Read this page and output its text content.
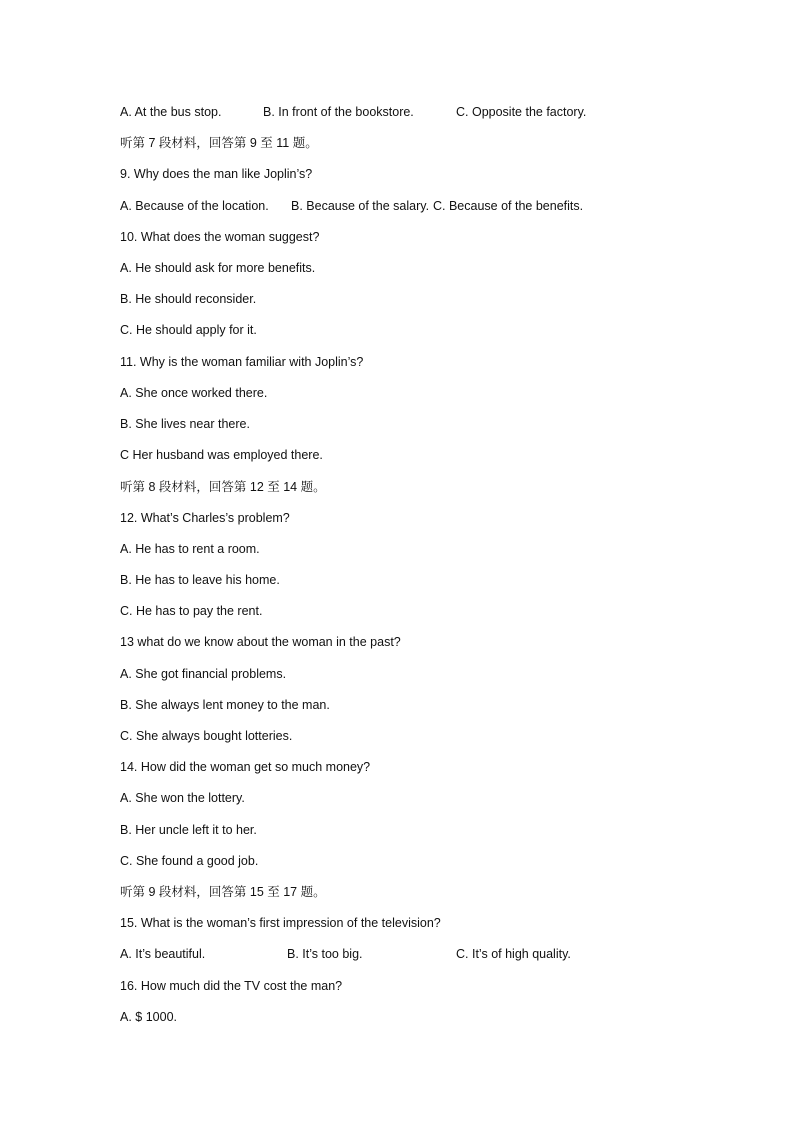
A. At the bus stop.	B. In front of the bookstore.	C. Opposite the factory.
听第 7 段材料，回答第 9 至 11 题。
9. Why does the man like Joplin’s?
A. Because of the location. B. Because of the salary. C. Because of the benefits.
10. What does the woman suggest?
A. He should ask for more benefits.
B. He should reconsider.
C. He should apply for it.
11. Why is the woman familiar with Joplin’s?
A. She once worked there.
B. She lives near there.
C Her husband was employed there.
听第 8 段材料，回答第 12 至 14 题。
12. What’s Charles’s problem?
A. He has to rent a room.
B. He has to leave his home.
C. He has to pay the rent.
13 what do we know about the woman in the past?
A. She got financial problems.
B. She always lent money to the man.
C. She always bought lotteries.
14. How did the woman get so much money?
A. She won the lottery.
B. Her uncle left it to her.
C. She found a good job.
听第 9 段材料，回答第 15 至 17 题。
15. What is the woman’s first impression of the television?
A. It’s beautiful.	B. It’s too big.	C. It’s of high quality.
16. How much did the TV cost the man?
A. $ 1000.
